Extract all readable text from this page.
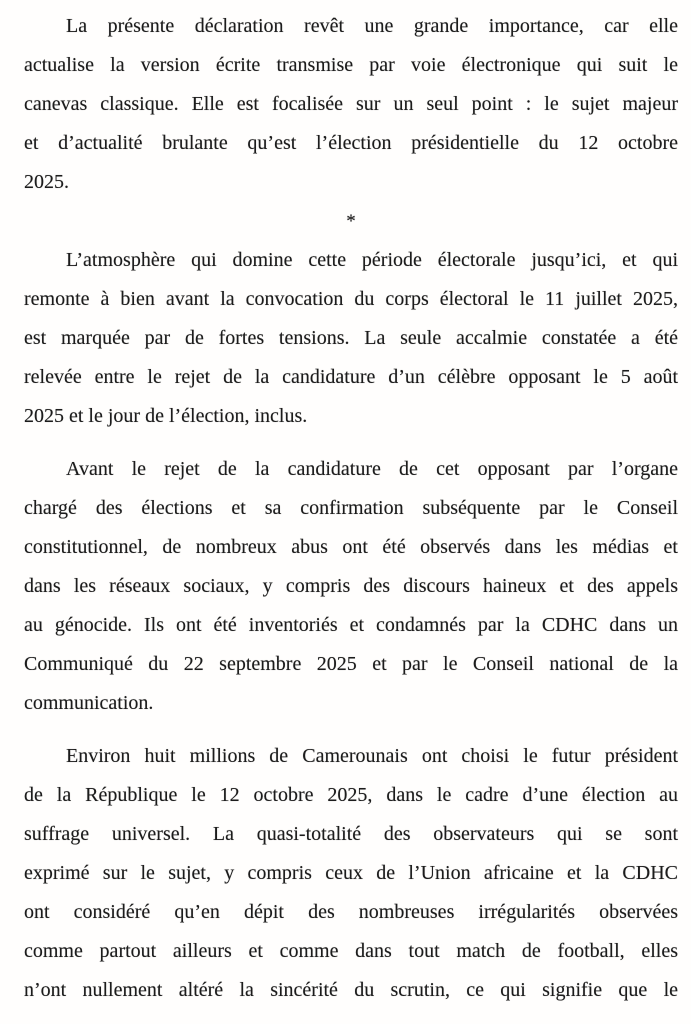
La présente déclaration revêt une grande importance, car elle
actualise la version écrite transmise par voie électronique qui suit le
canevas classique. Elle est focalisée sur un seul point : le sujet majeur
et d’actualité brulante qu’est l’élection présidentielle du 12 octobre
2025.

*

L’atmosphère qui domine cette période électorale jusqu’ici, et qui
remonte à bien avant la convocation du corps électoral le 11 juillet 2025,
est marquée par de fortes tensions. La seule accalmie constatée a été
relevée entre le rejet de la candidature d’un célèbre opposant le 5 août
2025 et le jour de l’élection, inclus.

Avant le rejet de la candidature de cet opposant par l’organe
chargé des élections et sa confirmation subséquente par le Conseil
constitutionnel, de nombreux abus ont été observés dans les médias et
dans les réseaux sociaux, y compris des discours haineux et des appels
au génocide. Ils ont été inventoriés et condamnés par la CDHC dans un
Communiqué du 22 septembre 2025 et par le Conseil national de la
communication.

Environ huit millions de Camerounais ont choisi le futur président
de la République le 12 octobre 2025, dans le cadre d’une élection au
suffrage universel. La quasi-totalité des observateurs qui se sont
exprimé sur le sujet, y compris ceux de l’Union africaine et la CDHC
ont considéré qu’en dépit des nombreuses irrégularités observées
comme partout ailleurs et comme dans tout match de football, elles
n’ont nullement altéré la sincérité du scrutin, ce qui signifie que le
